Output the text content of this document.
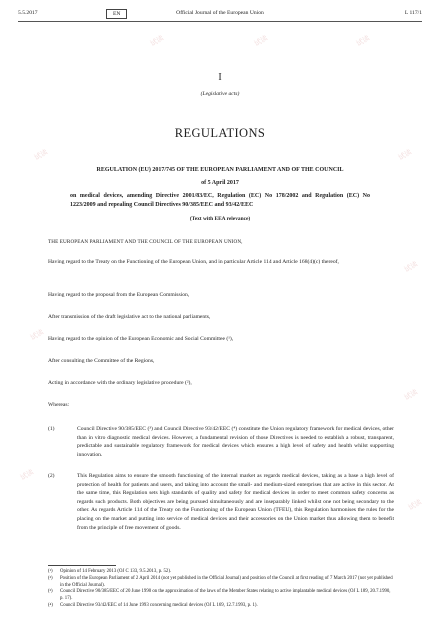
试读	试读	试读
试读	试读
试读
试读
试读
试读
试读
Official Journal of the European Union
5.5.2017	EN	L 117/1
I
(Legislative acts)
REGULATIONS
REGULATION (EU) 2017/745 OF THE EUROPEAN PARLIAMENT AND OF THE COUNCIL
of 5 April 2017
on medical devices, amending Directive 2001/83/EC, Regulation (EC) No 178/2002 and Regulation (EC) No 1223/2009 and repealing Council Directives 90/385/EEC and 93/42/EEC
(Text with EEA relevance)
THE EUROPEAN PARLIAMENT AND THE COUNCIL OF THE EUROPEAN UNION,
Having regard to the Treaty on the Functioning of the European Union, and in particular Article 114 and Article 168(4)(c) thereof,
Having regard to the proposal from the European Commission,
After transmission of the draft legislative act to the national parliaments,
Having regard to the opinion of the European Economic and Social Committee (¹),
After consulting the Committee of the Regions,
Acting in accordance with the ordinary legislative procedure (²),
Whereas:
(1)	Council Directive 90/385/EEC (³) and Council Directive 93/42/EEC (⁴) constitute the Union regulatory framework for medical devices, other than in vitro diagnostic medical devices. However, a fundamental revision of those Directives is needed to establish a robust, transparent, predictable and sustainable regulatory framework for medical devices which ensures a high level of safety and health whilst supporting innovation.
(2)	This Regulation aims to ensure the smooth functioning of the internal market as regards medical devices, taking as a base a high level of protection of health for patients and users, and taking into account the small- and medium-sized enterprises that are active in this sector. At the same time, this Regulation sets high standards of quality and safety for medical devices in order to meet common safety concerns as regards such products. Both objectives are being pursued simultaneously and are inseparably linked whilst one not being secondary to the other. As regards Article 114 of the Treaty on the Functioning of the European Union (TFEU), this Regulation harmonises the rules for the placing on the market and putting into service of medical devices and their accessories on the Union market thus allowing them to benefit from the principle of free movement of goods.
(¹) Opinion of 14 February 2013 (OJ C 133, 9.5.2013, p. 52).
(²) Position of the European Parliament of 2 April 2014 (not yet published in the Official Journal) and position of the Council at first reading of 7 March 2017 (not yet published in the Official Journal).
(³) Council Directive 90/385/EEC of 20 June 1990 on the approximation of the laws of the Member States relating to active implantable medical devices (OJ L 189, 20.7.1990, p. 17).
(⁴) Council Directive 93/42/EEC of 14 June 1993 concerning medical devices (OJ L 169, 12.7.1993, p. 1).
